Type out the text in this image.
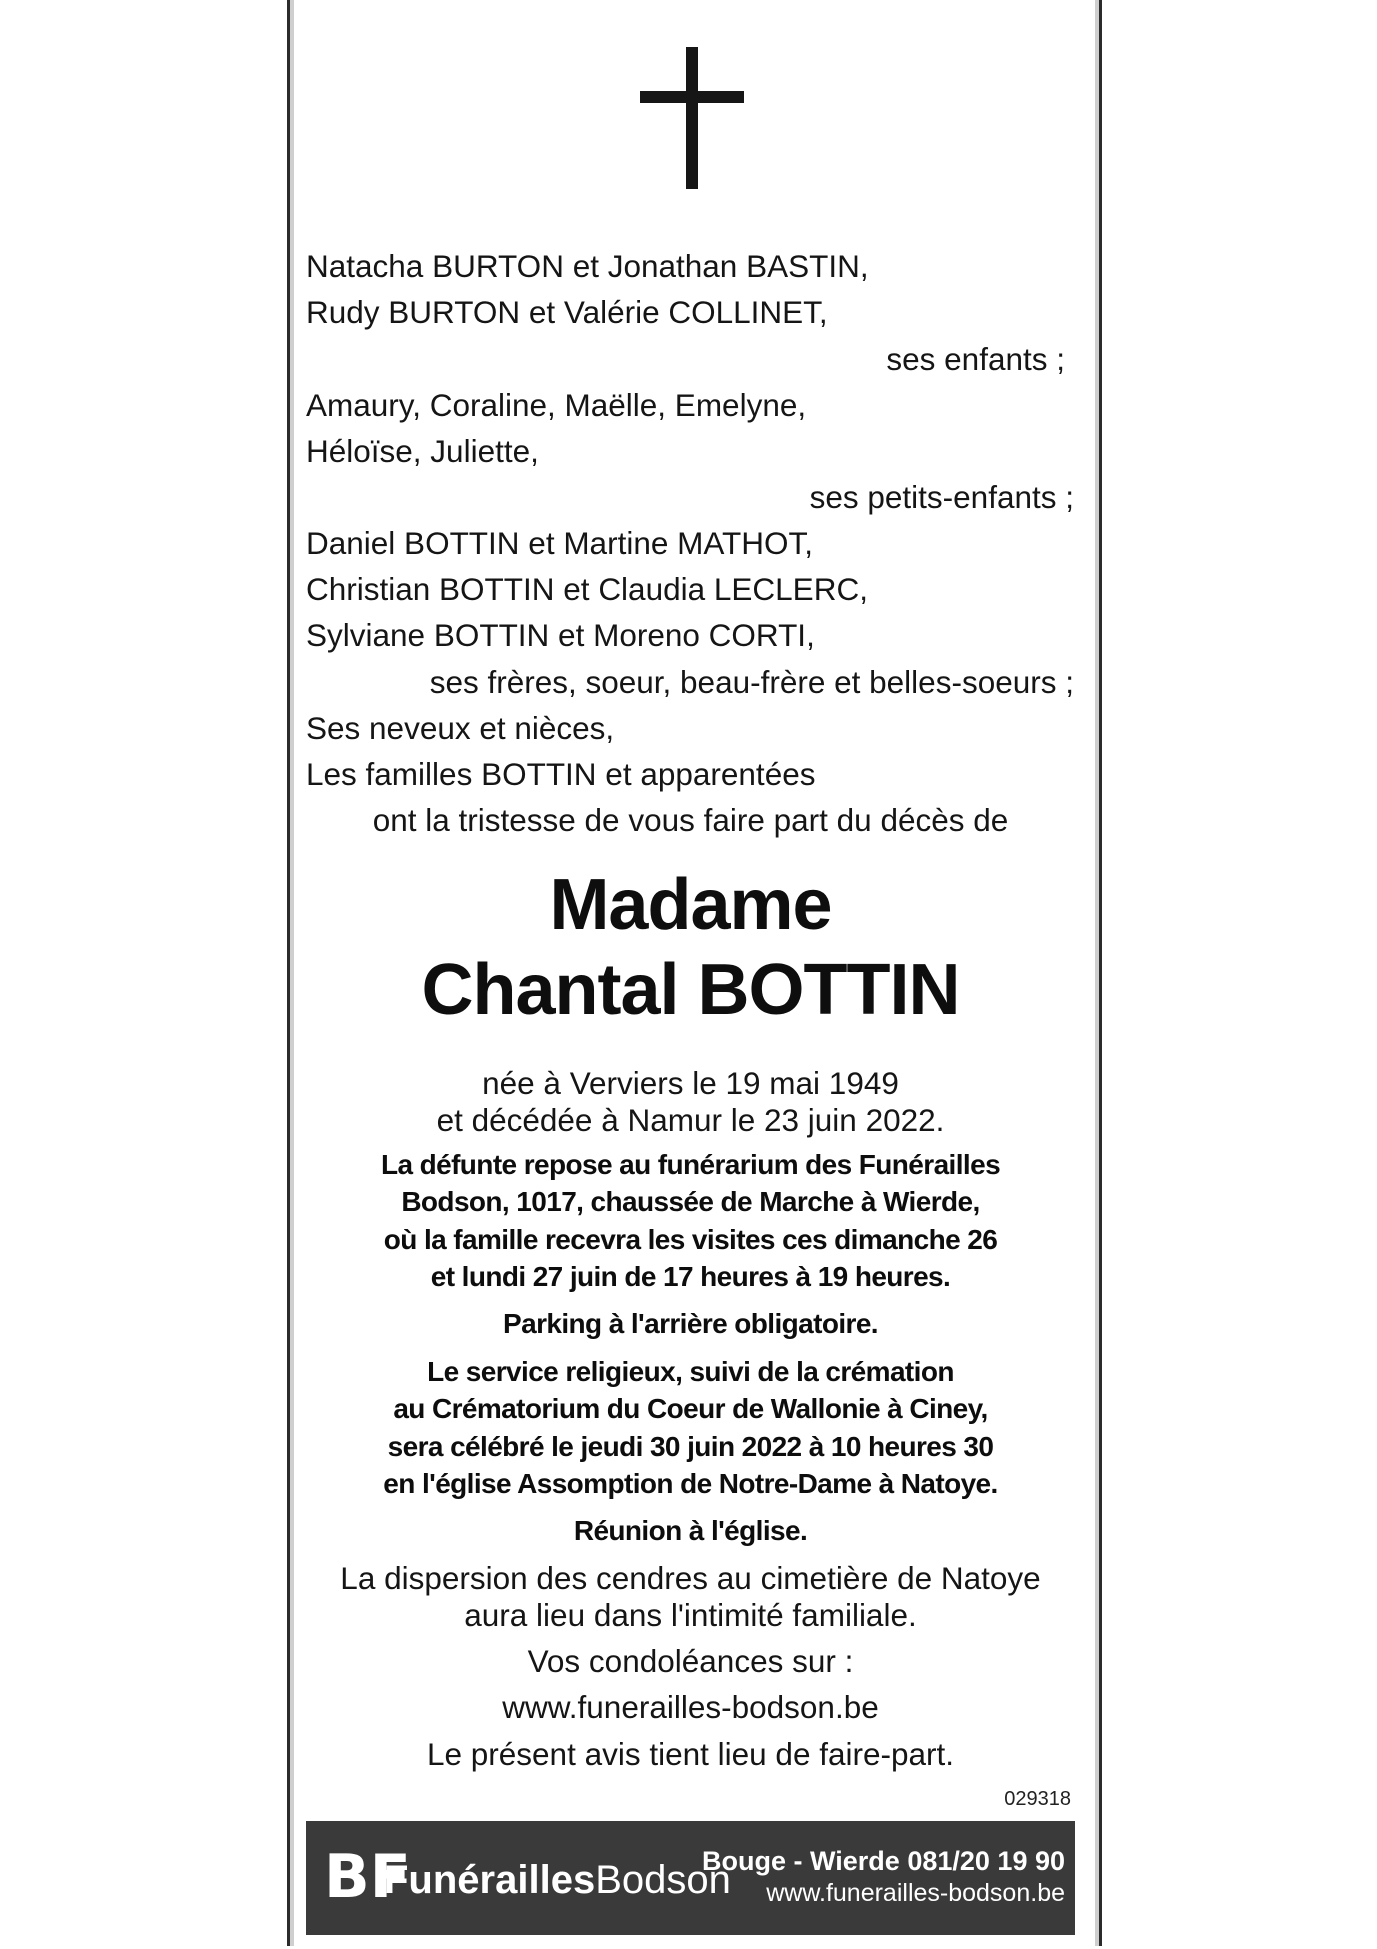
Natacha BURTON et Jonathan BASTIN,
Rudy BURTON et Valérie COLLINET,
ses enfants ;
Amaury, Coraline, Maëlle, Emelyne,
Héloïse, Juliette,
ses petits-enfants ;
Daniel BOTTIN et Martine MATHOT,
Christian BOTTIN et Claudia LECLERC,
Sylviane BOTTIN et Moreno CORTI,
ses frères, soeur, beau-frère et belles-soeurs ;
Ses neveux et nièces,
Les familles BOTTIN et apparentées
ont la tristesse de vous faire part du décès de
Madame
Chantal BOTTIN
née à Verviers le 19 mai 1949
et décédée à Namur le 23 juin 2022.
La défunte repose au funérarium des Funérailles
Bodson, 1017, chaussée de Marche à Wierde,
où la famille recevra les visites ces dimanche 26
et lundi 27 juin de 17 heures à 19 heures.
Parking à l'arrière obligatoire.
Le service religieux, suivi de la crémation
au Crématorium du Coeur de Wallonie à Ciney,
sera célébré le jeudi 30 juin 2022 à 10 heures 30
en l'église Assomption de Notre-Dame à Natoye.
Réunion à l'église.
La dispersion des cendres au cimetière de Natoye
aura lieu dans l'intimité familiale.
Vos condoléances sur :
www.funerailles-bodson.be
Le présent avis tient lieu de faire-part.
029318
BF
FunéraillesBodson
Bouge - Wierde 081/20 19 90
www.funerailles-bodson.be
